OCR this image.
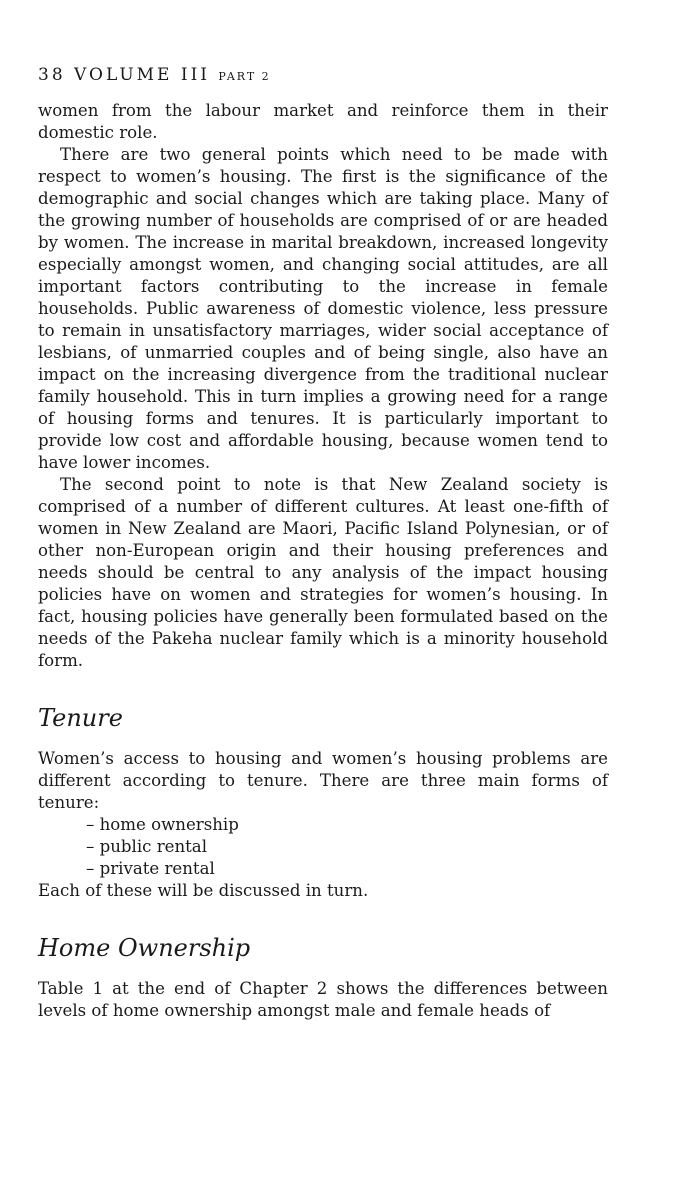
38 VOLUME III PART 2

women from the labour market and reinforce them in their domestic role.

There are two general points which need to be made with respect to women’s housing. The first is the significance of the demographic and social changes which are taking place. Many of the growing number of households are comprised of or are headed by women. The increase in marital breakdown, increased longevity especially amongst women, and changing social attitudes, are all important factors contributing to the increase in female households. Public awareness of domestic violence, less pressure to remain in unsatisfactory marriages, wider social acceptance of lesbians, of unmarried couples and of being single, also have an impact on the increasing divergence from the traditional nuclear family household. This in turn implies a growing need for a range of housing forms and tenures. It is particularly important to provide low cost and affordable housing, because women tend to have lower incomes.

The second point to note is that New Zealand society is comprised of a number of different cultures. At least one-fifth of women in New Zealand are Maori, Pacific Island Polynesian, or of other non-European origin and their housing preferences and needs should be central to any analysis of the impact housing policies have on women and strategies for women’s housing. In fact, housing policies have generally been formulated based on the needs of the Pakeha nuclear family which is a minority household form.

Tenure

Women’s access to housing and women’s housing problems are different according to tenure. There are three main forms of tenure:

– home ownership
– public rental
– private rental

Each of these will be discussed in turn.

Home Ownership

Table 1 at the end of Chapter 2 shows the differences between levels of home ownership amongst male and female heads of
